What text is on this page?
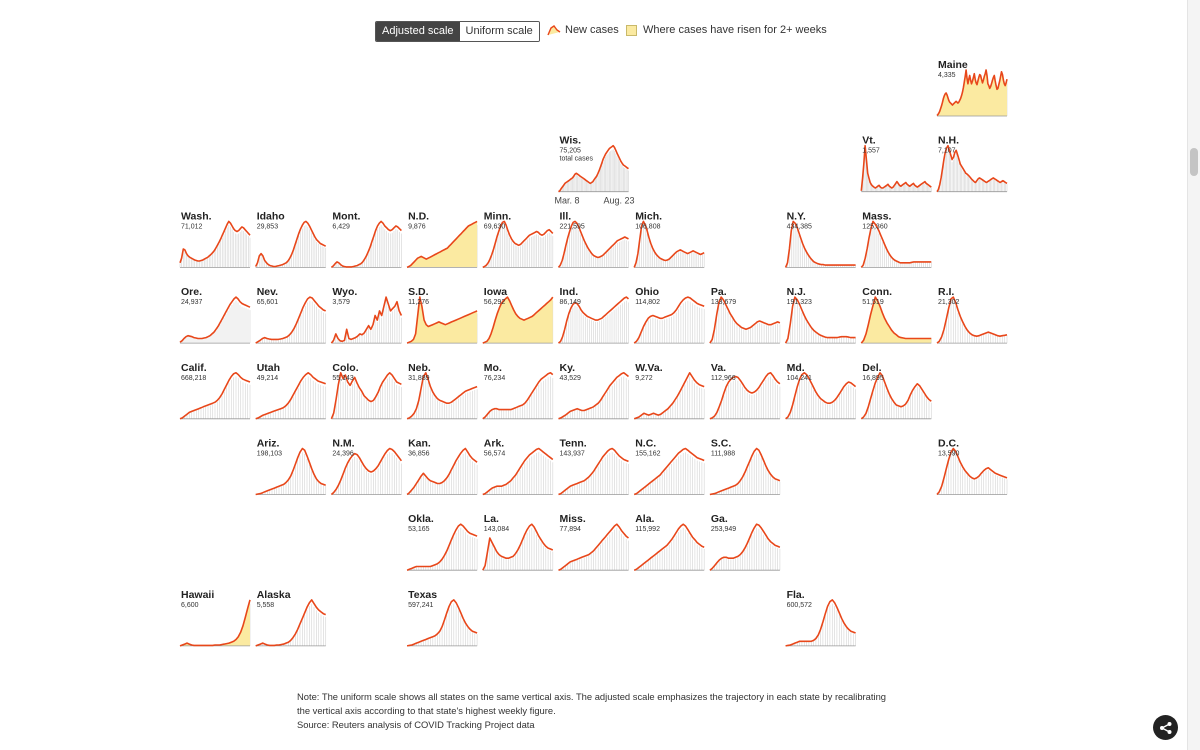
Adjusted scale	Uniform scale	New cases Where cases have risen for 2+ weeks
Maine
4,335
Wis.
75,205
total cases
Mar. 8	Aug. 23
Vt.
1,557
N.H.
7,107
Wash.
71,012
Idaho
29,853
Mont.
6,429
N.D.
9,876
Minn.
69,630
Ill.
221,595
Mich.
106,808
N.Y.
434,385
Mass.
125,360
Ore.
24,937
Nev.
65,601
Wyo.
3,579
S.D.
11,276
Iowa
56,292
Ind.
86,149
Ohio
114,802
Pa.
133,679
N.J.
191,323
Conn.
51,519
R.I.
21,302
Calif.
668,218
Utah
49,214
Colo.
55,143
Neb.
31,889
Mo.
76,234
Ky.
43,529
W.Va.
9,272
Va.
112,966
Md.
104,241
Del.
16,895
Ariz.
198,103
N.M.
24,396
Kan.
36,856
Ark.
56,574
Tenn.
143,937
N.C.
155,162
S.C.
111,988
D.C.
13,590
Okla.
53,165
La.
143,084
Miss.
77,894
Ala.
115,992
Ga.
253,949
Hawaii
6,600
Alaska
5,558
Texas
597,241
Fla.
600,572
Note: The uniform scale shows all states on the same vertical axis. The adjusted scale emphasizes the trajectory in each state by recalibrating the vertical axis according to that state's highest weekly figure.
Source: Reuters analysis of COVID Tracking Project data
